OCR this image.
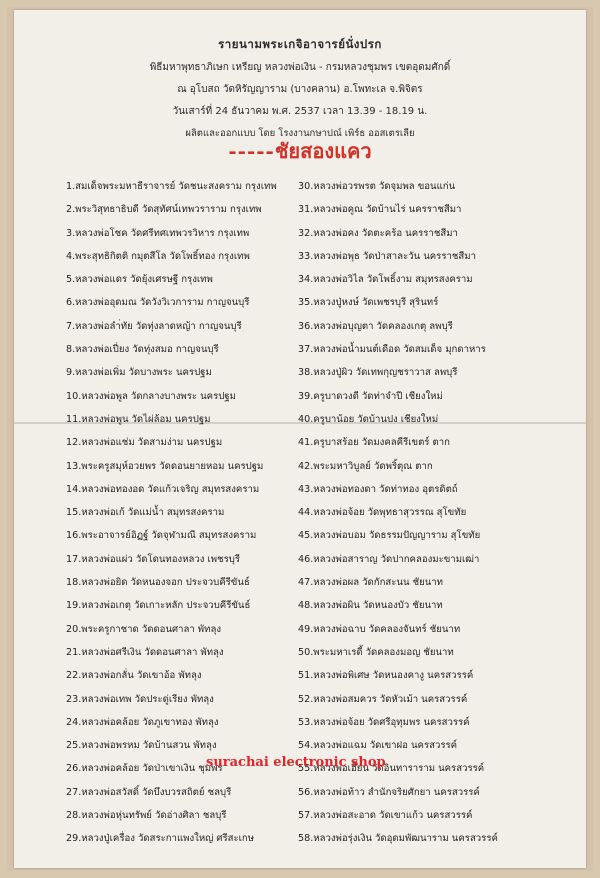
รายนามพระเกจิอาจารย์นั่งปรก
พิธีมหาพุทธาภิเษก เหรียญ หลวงพ่อเงิน - กรมหลวงชุมพร เขตอุดมศักดิ์
ณ อุโบสถ วัดหิรัญญาราม (บางคลาน) อ.โพทะเล จ.พิจิตร
วันเสาร์ที่ 24 ธันวาคม พ.ศ. 2537 เวลา 13.39 - 18.19 น.
ผลิตและออกแบบ โดย โรงงานกษาปณ์ เพิร์ธ ออสเตรเลีย
-----ชัยสองแคว
1.สมเด็จพระมหาธีราจารย์ วัดชนะสงคราม กรุงเทพ
2.พระวิสุทธาธิบดี วัดสุทัศน์เทพวราราม กรุงเทพ
3.หลวงพ่อโชค วัดศรีทศเทพวรวิหาร กรุงเทพ
4.พระสุทธิกิตติ กมุตสีโล วัดโพธิ์ทอง กรุงเทพ
5.หลวงพ่อแดร วัดยุ้งเศรษฐี กรุงเทพ
6.หลวงพ่ออุดมณ วัดวังวิเวการาม กาญจนบุรี
7.หลวงพ่อลำ่ทัย วัดทุ่งลาดหญ้า กาญจนบุรี
8.หลวงพ่อเปี่ยง วัดทุ่งสมอ กาญจนบุรี
9.หลวงพ่อเพิ่ม วัดบางพระ นครปฐม
10.หลวงพ่อพูล วัดกลางบางพระ นครปฐม
11.หลวงพ่อพูน วัดไผ่ล้อม นครปฐม
12.หลวงพ่อแช่ม วัดสามง่าม นครปฐม
13.พระครูสมุห์อวยพร วัดดอนยายหอม นครปฐม
14.หลวงพ่อทองอด วัดแก้วเจริญ สมุทรสงคราม
15.หลวงพ่อเก้ วัดแม่น้ำ สมุทรสงคราม
16.พระอาจารย์อิฏฐ์ วัดจุฬามณี สมุทรสงคราม
17.หลวงพ่อแผ่ว วัดโดนทองหลวง เพชรบุรี
18.หลวงพ่อยิด วัดหนองจอก ประจวบคีรีขันธ์
19.หลวงพ่อเกตุ วัดเกาะหลัก ประจวบคีรีขันธ์
20.พระครูกาชาด วัดดอนศาลา พัทลุง
21.หลวงพ่อศรีเงิน วัดดอนศาลา พัทลุง
22.หลวงพ่อกลั่น วัดเขาอ้อ พัทลุง
23.หลวงพ่อเทพ วัดประดู่เรียง พัทลุง
24.หลวงพ่อคล้อย วัดภูเขาทอง พัทลุง
25.หลวงพ่อพรหม วัดบ้านสวน พัทลุง
26.หลวงพ่อคล้อย วัดป่าเขาเงิน ชุมพร
27.หลวงพ่อสวัสดิ์ วัดบึงบวรสถิตย์ ชลบุรี
28.หลวงพ่อหุ่นทรัพย์ วัดอ่างศิลา ชลบุรี
29.หลวงปู่เครื่อง วัดสระกาแพงใหญ่ ศรีสะเกษ
30.หลวงพ่อวรพรต วัดจุมพล ขอนแก่น
31.หลวงพ่อคูณ วัดบ้านไร่ นครราชสีมา
32.หลวงพ่อคง วัดตะคร้อ นครราชสีมา
33.หลวงพ่อพุธ วัดป่าสาละวัน นครราชสีมา
34.หลวงพ่อวิไล วัดโพธิ์งาม สมุทรสงคราม
35.หลวงปู่หงษ์ วัดเพชรบุรี สุรินทร์
36.หลวงพ่อบุญตา วัดคลองเกตุ ลพบุรี
37.หลวงพ่อน้ำมนต์เดือด วัดสมเด็จ มุกดาหาร
38.หลวงปู่ผิว วัดเทพกุญชราวาส ลพบุรี
39.ครูบาดวงดี วัดท่าจำปี เชียงใหม่
40.ครูบาน้อย วัดบ้านปง เชียงใหม่
41.ครูบาสร้อย วัดมงคลคีรีเขตร์ ตาก
42.พระมหาวิบูลย์ วัดพริ้ตุณ ตาก
43.หลวงพ่อทองดา วัดท่าทอง อุตรดิตถ์
44.หลวงพ่อจ้อย วัดพุทธาสุวรรณ สุโขทัย
45.หลวงพ่อบอม วัดธรรมปัญญาราม สุโขทัย
46.หลวงพ่อสาราญ วัดปากคลองมะขามเฒ่า
47.หลวงพ่อผล วัดกักสะนน ชัยนาท
48.หลวงพ่อผิน วัดหนองบัว ชัยนาท
49.หลวงพ่อฉาบ วัดคลองจันทร์ ชัยนาท
50.พระมหาเรดี้ วัดคลองมอญ ชัยนาท
51.หลวงพ่อพิเศษ วัดหนองคางู นครสวรรค์
52.หลวงพ่อสมควร วัดหัวเม้า นครสวรรค์
53.หลวงพ่อจ้อย วัดศรีอุทุมพร นครสวรรค์
54.หลวงพ่อแฉม วัดเขาฝอ นครสวรรค์
55.หลวงพ่อเฮี้ยน วัดอินทาราราม นครสวรรค์
56.หลวงพ่อท้าว สำนักจริยศักยา นครสวรรค์
57.หลวงพ่อสะอาด วัดเขาแก้ว นครสวรรค์
58.หลวงพ่อรุ่งเงิน วัดอุดมพัฒนาราม นครสวรรค์
surachai electronic shop
